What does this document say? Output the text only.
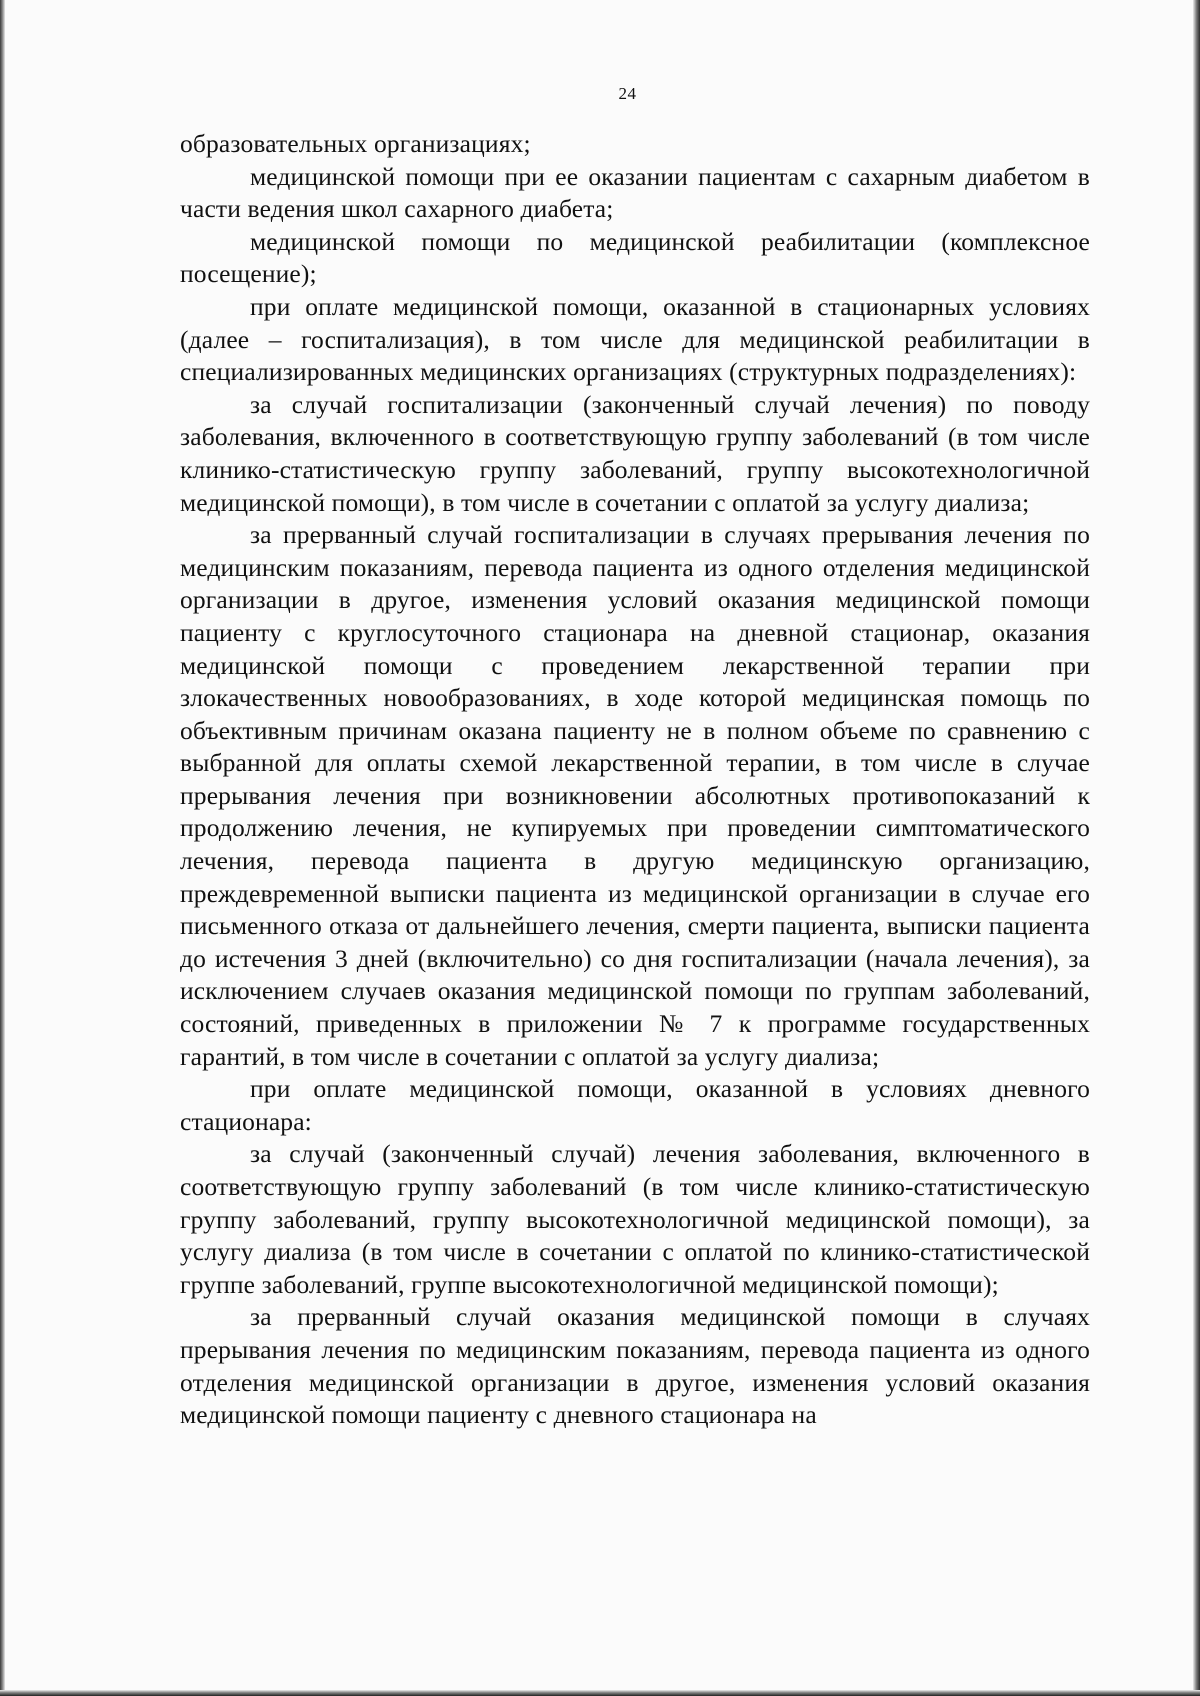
24

образовательных организациях;

медицинской помощи при ее оказании пациентам с сахарным диабетом в части ведения школ сахарного диабета;

медицинской помощи по медицинской реабилитации (комплексное посещение);

при оплате медицинской помощи, оказанной в стационарных условиях (далее – госпитализация), в том числе для медицинской реабилитации в специализированных медицинских организациях (структурных подразделениях):

за случай госпитализации (законченный случай лечения) по поводу заболевания, включенного в соответствующую группу заболеваний (в том числе клинико-статистическую группу заболеваний, группу высокотехнологичной медицинской помощи), в том числе в сочетании с оплатой за услугу диализа;

за прерванный случай госпитализации в случаях прерывания лечения по медицинским показаниям, перевода пациента из одного отделения медицинской организации в другое, изменения условий оказания медицинской помощи пациенту с круглосуточного стационара на дневной стационар, оказания медицинской помощи с проведением лекарственной терапии при злокачественных новообразованиях, в ходе которой медицинская помощь по объективным причинам оказана пациенту не в полном объеме по сравнению с выбранной для оплаты схемой лекарственной терапии, в том числе в случае прерывания лечения при возникновении абсолютных противопоказаний к продолжению лечения, не купируемых при проведении симптоматического лечения, перевода пациента в другую медицинскую организацию, преждевременной выписки пациента из медицинской организации в случае его письменного отказа от дальнейшего лечения, смерти пациента, выписки пациента до истечения 3 дней (включительно) со дня госпитализации (начала лечения), за исключением случаев оказания медицинской помощи по группам заболеваний, состояний, приведенных в приложении № 7 к программе государственных гарантий, в том числе в сочетании с оплатой за услугу диализа;

при оплате медицинской помощи, оказанной в условиях дневного стационара:

за случай (законченный случай) лечения заболевания, включенного в соответствующую группу заболеваний (в том числе клинико-статистическую группу заболеваний, группу высокотехнологичной медицинской помощи), за услугу диализа (в том числе в сочетании с оплатой по клинико-статистической группе заболеваний, группе высокотехнологичной медицинской помощи);

за прерванный случай оказания медицинской помощи в случаях прерывания лечения по медицинским показаниям, перевода пациента из одного отделения медицинской организации в другое, изменения условий оказания медицинской помощи пациенту с дневного стационара на
